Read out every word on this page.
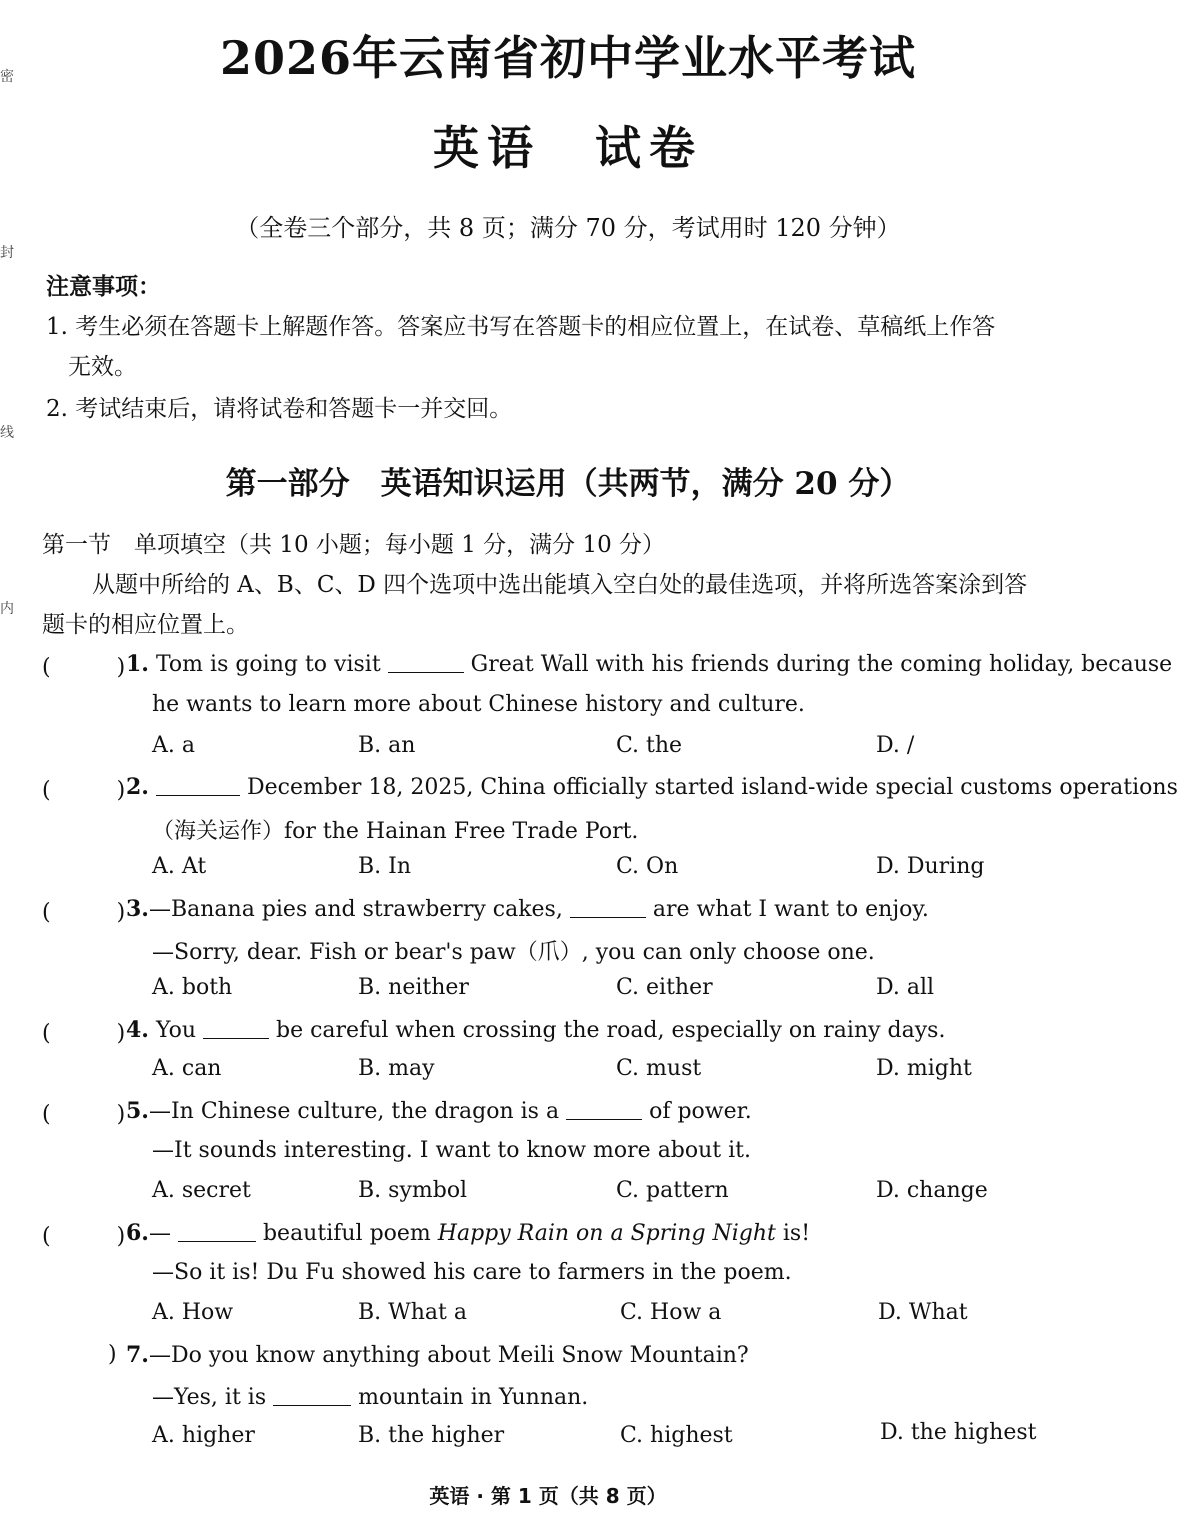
密
封
线
内
2026年云南省初中学业水平考试
英语　试卷
（全卷三个部分，共 8 页；满分 70 分，考试用时 120 分钟）
注意事项：
1. 考生必须在答题卡上解题作答。答案应书写在答题卡的相应位置上，在试卷、草稿纸上作答
无效。
2. 考试结束后，请将试卷和答题卡一并交回。
第一部分　英语知识运用（共两节，满分 20 分）
第一节　单项填空（共 10 小题；每小题 1 分，满分 10 分）
从题中所给的 A、B、C、D 四个选项中选出能填入空白处的最佳选项，并将所选答案涂到答
题卡的相应位置上。
(　　　) 1. Tom is going to visit	Great Wall with his friends during the coming holiday, because
he wants to learn more about Chinese history and culture.
A. a	B. an	C. the	D. /
(　　　) 2.	December 18, 2025, China officially started island-wide special customs operations
（海关运作）for the Hainan Free Trade Port.
A. At	B. In	C. On	D. During
(　　　) 3.—Banana pies and strawberry cakes,	are what I want to enjoy.
—Sorry, dear. Fish or bear's paw（爪）, you can only choose one.
A. both	B. neither	C. either	D. all
(　　　) 4. You	be careful when crossing the road, especially on rainy days.
A. can	B. may	C. must	D. might
(　　　) 5.—In Chinese culture, the dragon is a	of power.
—It sounds interesting. I want to know more about it.
A. secret	B. symbol	C. pattern	D. change
(　　　) 6.—	beautiful poem Happy Rain on a Spring Night is!
—So it is! Du Fu showed his care to farmers in the poem.
A. How	B. What a	C. How a	D. What
) 7.—Do you know anything about Meili Snow Mountain?
—Yes, it is	mountain in Yunnan.
A. higher	B. the higher	C. highest	D. the highest
英语 · 第 1 页（共 8 页）
